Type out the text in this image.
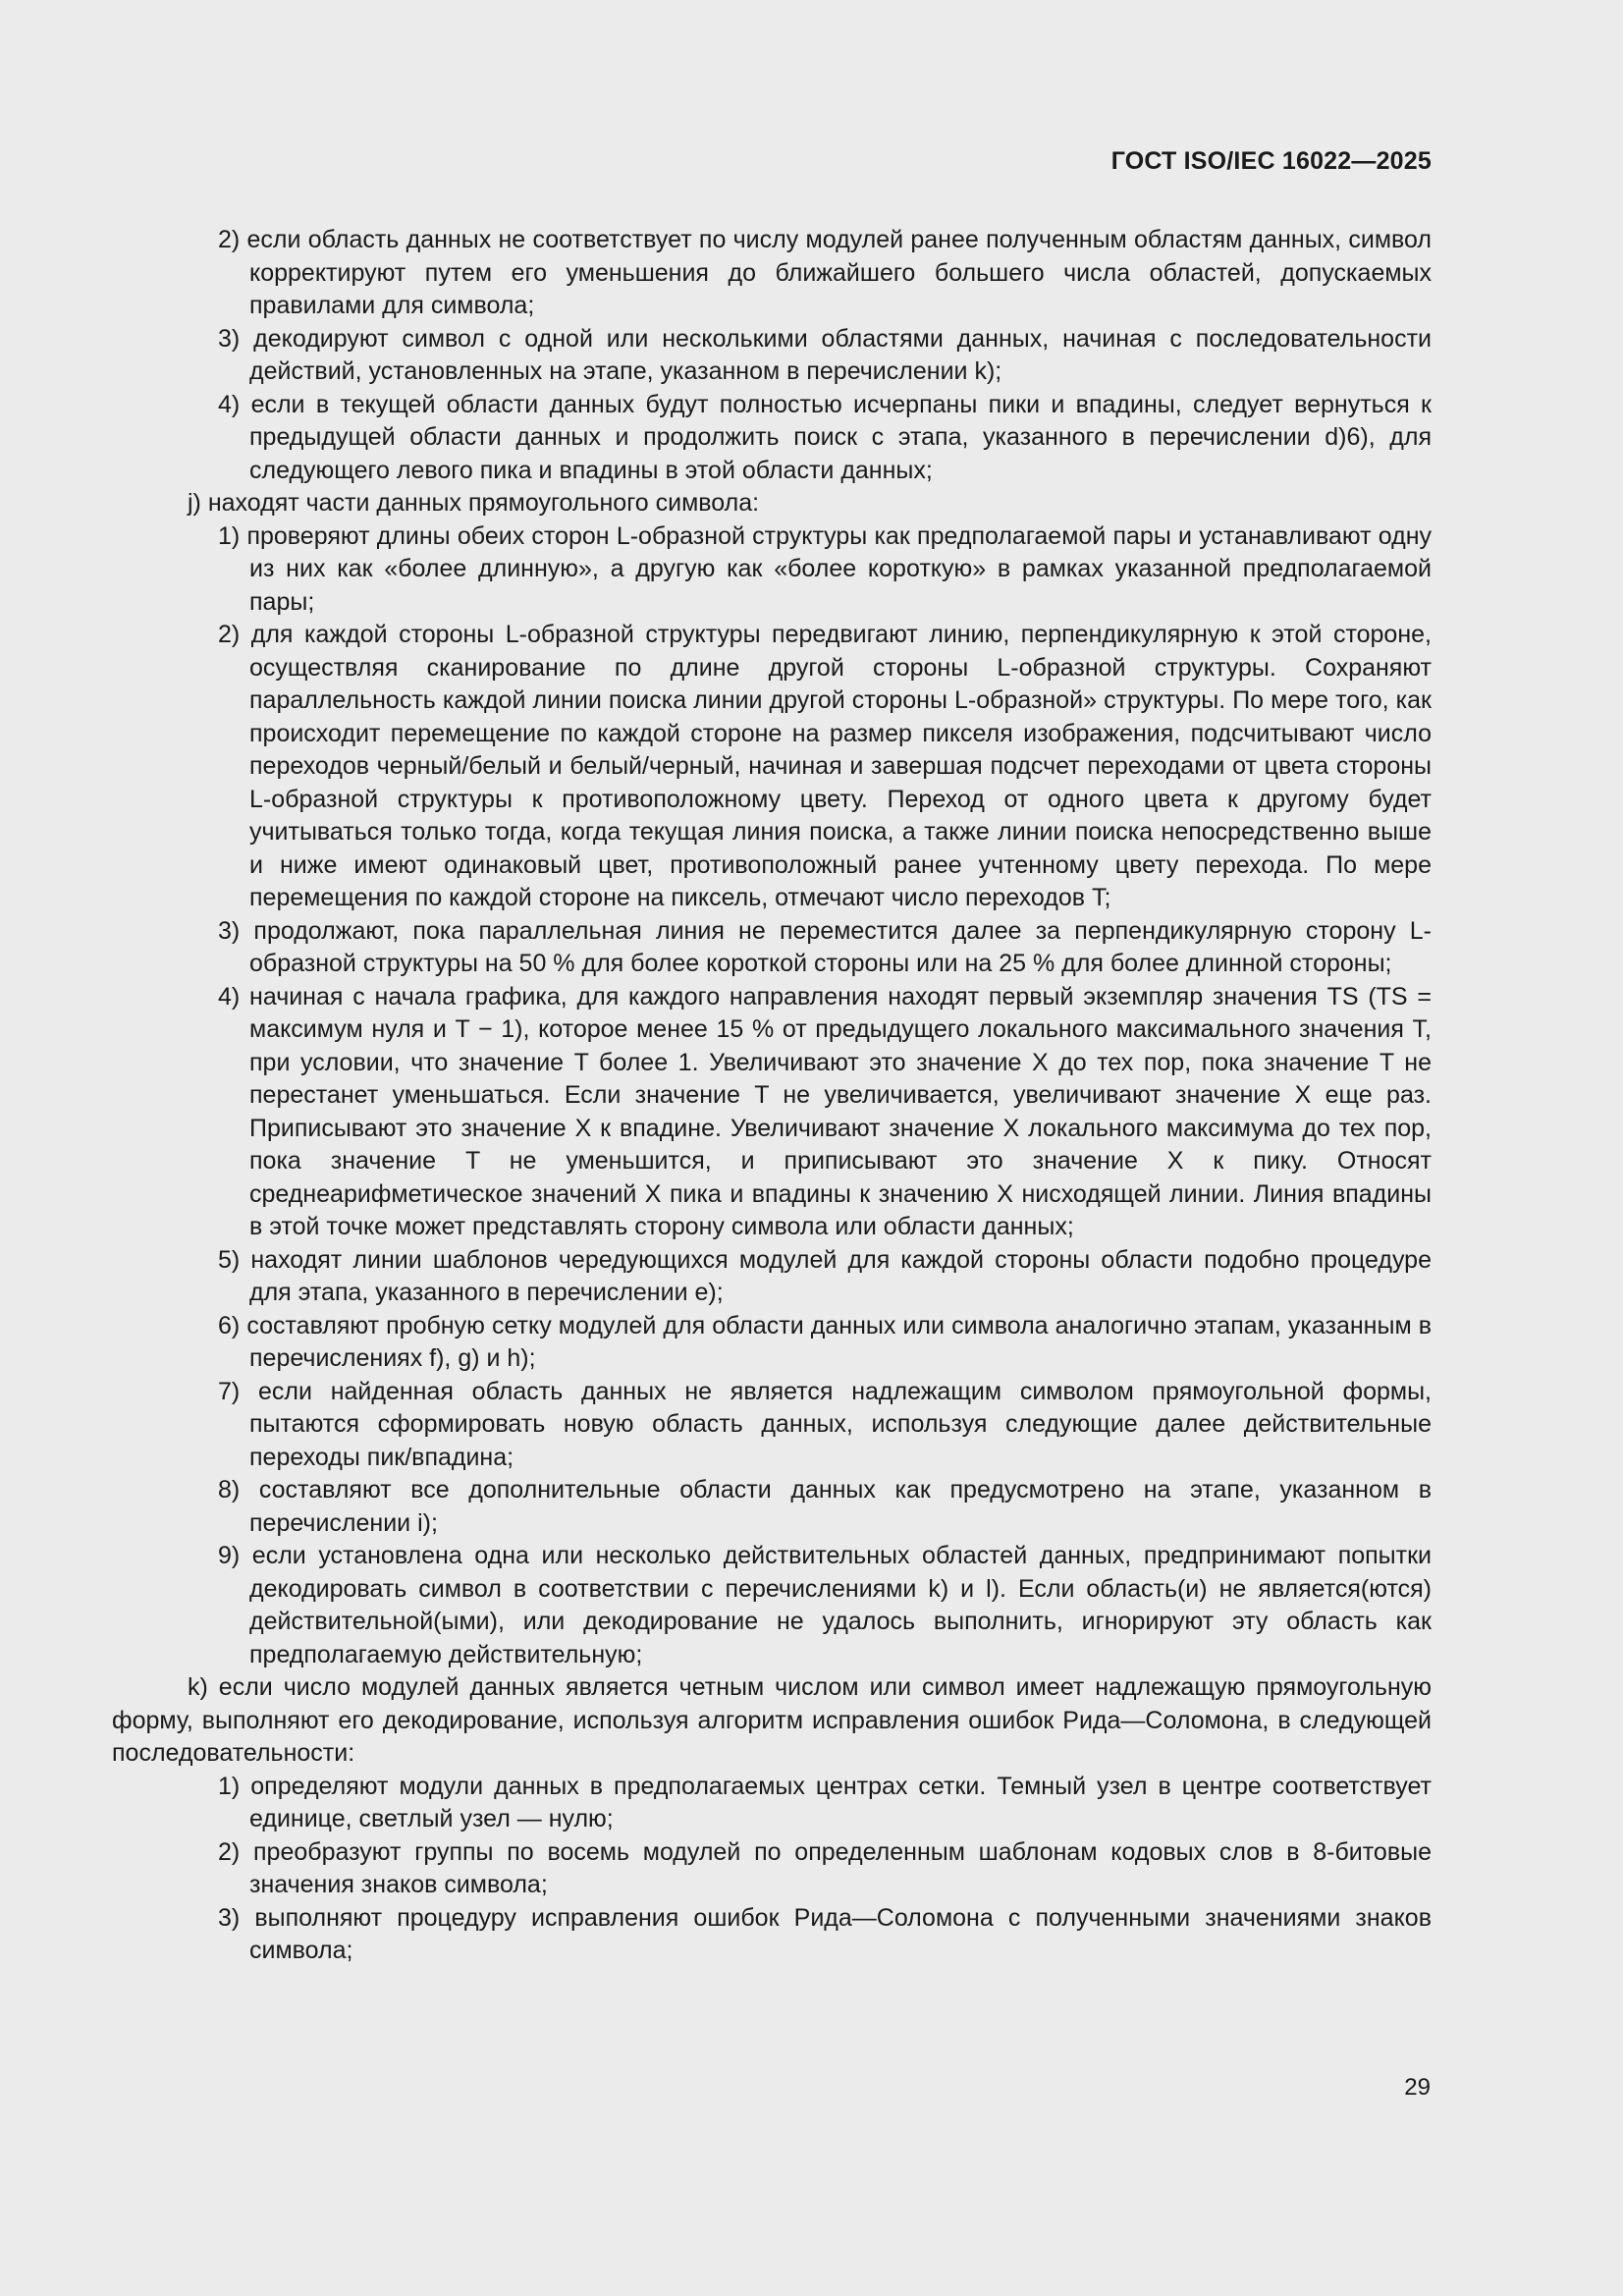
ГОСТ ISO/IEC 16022—2025

2) если область данных не соответствует по числу модулей ранее полученным областям данных, символ корректируют путем его уменьшения до ближайшего большего числа областей, допускаемых правилами для символа;

3) декодируют символ с одной или несколькими областями данных, начиная с последовательности действий, установленных на этапе, указанном в перечислении k);

4) если в текущей области данных будут полностью исчерпаны пики и впадины, следует вернуться к предыдущей области данных и продолжить поиск с этапа, указанного в перечислении d)6), для следующего левого пика и впадины в этой области данных;

j) находят части данных прямоугольного символа:

1) проверяют длины обеих сторон L-образной структуры как предполагаемой пары и устанавливают одну из них как «более длинную», а другую как «более короткую» в рамках указанной предполагаемой пары;

2) для каждой стороны L-образной структуры передвигают линию, перпендикулярную к этой стороне, осуществляя сканирование по длине другой стороны L-образной структуры. Сохраняют параллельность каждой линии поиска линии другой стороны L-образной» структуры. По мере того, как происходит перемещение по каждой стороне на размер пикселя изображения, подсчитывают число переходов черный/белый и белый/черный, начиная и завершая подсчет переходами от цвета стороны L-образной структуры к противоположному цвету. Переход от одного цвета к другому будет учитываться только тогда, когда текущая линия поиска, а также линии поиска непосредственно выше и ниже имеют одинаковый цвет, противоположный ранее учтенному цвету перехода. По мере перемещения по каждой стороне на пиксель, отмечают число переходов T;

3) продолжают, пока параллельная линия не переместится далее за перпендикулярную сторону L-образной структуры на 50 % для более короткой стороны или на 25 % для более длинной стороны;

4) начиная с начала графика, для каждого направления находят первый экземпляр значения TS (TS = максимум нуля и T − 1), которое менее 15 % от предыдущего локального максимального значения T, при условии, что значение T более 1. Увеличивают это значение X до тех пор, пока значение T не перестанет уменьшаться. Если значение T не увеличивается, увеличивают значение X еще раз. Приписывают это значение X к впадине. Увеличивают значение X локального максимума до тех пор, пока значение T не уменьшится, и приписывают это значение X к пику. Относят среднеарифметическое значений X пика и впадины к значению X нисходящей линии. Линия впадины в этой точке может представлять сторону символа или области данных;

5) находят линии шаблонов чередующихся модулей для каждой стороны области подобно процедуре для этапа, указанного в перечислении e);

6) составляют пробную сетку модулей для области данных или символа аналогично этапам, указанным в перечислениях f), g) и h);

7) если найденная область данных не является надлежащим символом прямоугольной формы, пытаются сформировать новую область данных, используя следующие далее действительные переходы пик/впадина;

8) составляют все дополнительные области данных как предусмотрено на этапе, указанном в перечислении i);

9) если установлена одна или несколько действительных областей данных, предпринимают попытки декодировать символ в соответствии с перечислениями k) и l). Если область(и) не является(ются) действительной(ыми), или декодирование не удалось выполнить, игнорируют эту область как предполагаемую действительную;

k) если число модулей данных является четным числом или символ имеет надлежащую прямоугольную форму, выполняют его декодирование, используя алгоритм исправления ошибок Рида—Соломона, в следующей последовательности:

1) определяют модули данных в предполагаемых центрах сетки. Темный узел в центре соответствует единице, светлый узел — нулю;

2) преобразуют группы по восемь модулей по определенным шаблонам кодовых слов в 8-битовые значения знаков символа;

3) выполняют процедуру исправления ошибок Рида—Соломона с полученными значениями знаков символа;

29
